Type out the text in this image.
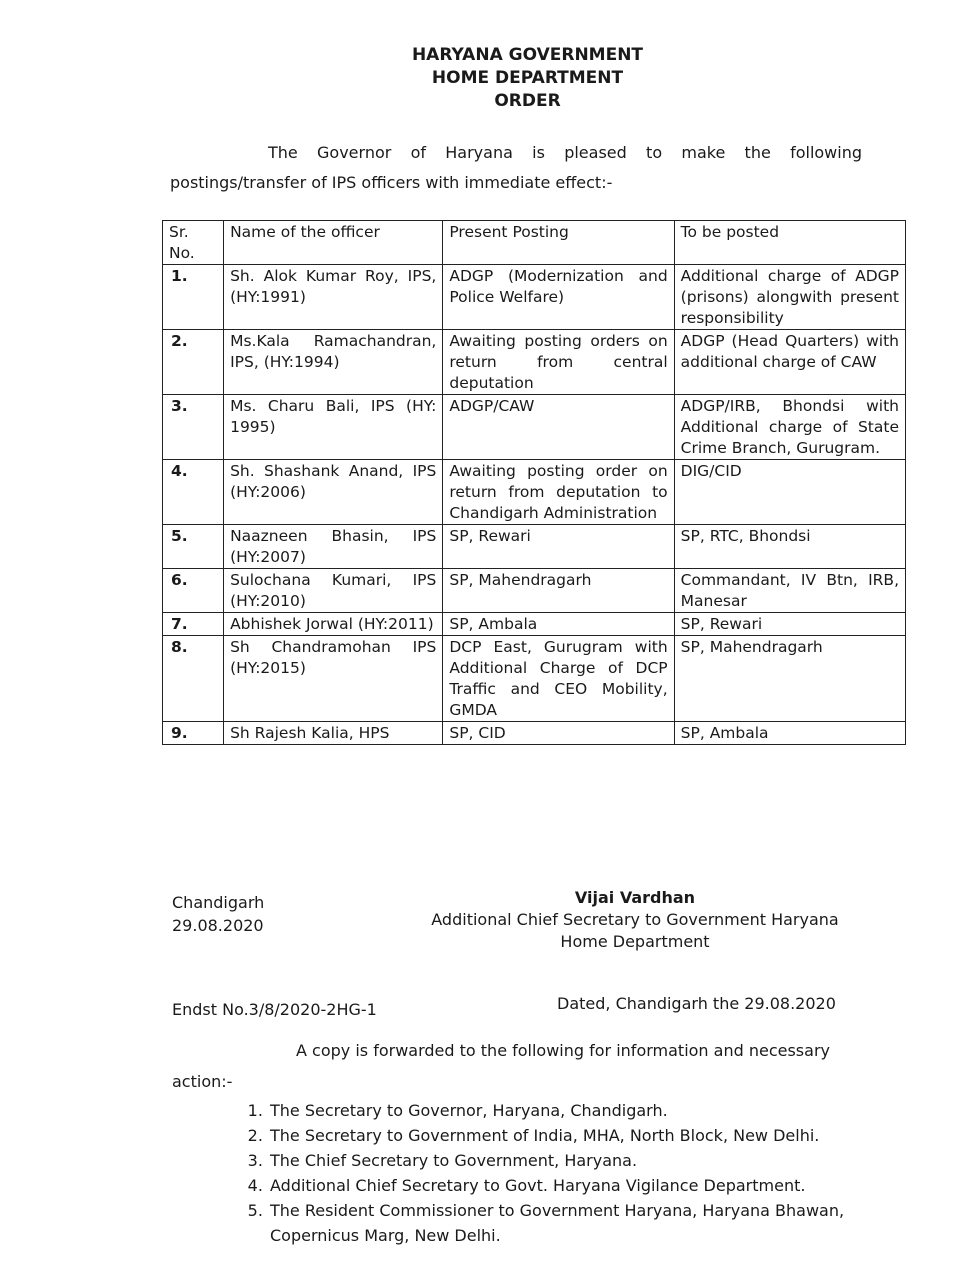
HARYANA GOVERNMENT
HOME DEPARTMENT
ORDER
The Governor of Haryana is pleased to make the following
postings/transfer of IPS officers with immediate effect:-
Sr. No.	Name of the officer	Present Posting	To be posted
1.	Sh. Alok Kumar Roy, IPS, (HY:1991)	ADGP (Modernization and Police Welfare)	Additional charge of ADGP (prisons) alongwith present responsibility
2.	Ms.Kala Ramachandran, IPS, (HY:1994)	Awaiting posting orders on return from central deputation	ADGP (Head Quarters) with additional charge of CAW
3.	Ms. Charu Bali, IPS (HY: 1995)	ADGP/CAW	ADGP/IRB, Bhondsi with Additional charge of State Crime Branch, Gurugram.
4.	Sh. Shashank Anand, IPS (HY:2006)	Awaiting posting order on return from deputation to Chandigarh Administration	DIG/CID
5.	Naazneen Bhasin, IPS (HY:2007)	SP, Rewari	SP, RTC, Bhondsi
6.	Sulochana Kumari, IPS (HY:2010)	SP, Mahendragarh	Commandant, IV Btn, IRB, Manesar
7.	Abhishek Jorwal (HY:2011)	SP, Ambala	SP, Rewari
8.	Sh Chandramohan IPS (HY:2015)	DCP East, Gurugram with Additional Charge of DCP Traffic and CEO Mobility, GMDA	SP, Mahendragarh
9.	Sh Rajesh Kalia, HPS	SP, CID	SP, Ambala
Chandigarh
29.08.2020
Vijai Vardhan
Additional Chief Secretary to Government Haryana
Home Department
Endst No.3/8/2020-2HG-1	Dated, Chandigarh the 29.08.2020
A copy is forwarded to the following for information and necessary
action:-
1. The Secretary to Governor, Haryana, Chandigarh.
2. The Secretary to Government of India, MHA, North Block, New Delhi.
3. The Chief Secretary to Government, Haryana.
4. Additional Chief Secretary to Govt. Haryana Vigilance Department.
5. The Resident Commissioner to Government Haryana, Haryana Bhawan, Copernicus Marg, New Delhi.
